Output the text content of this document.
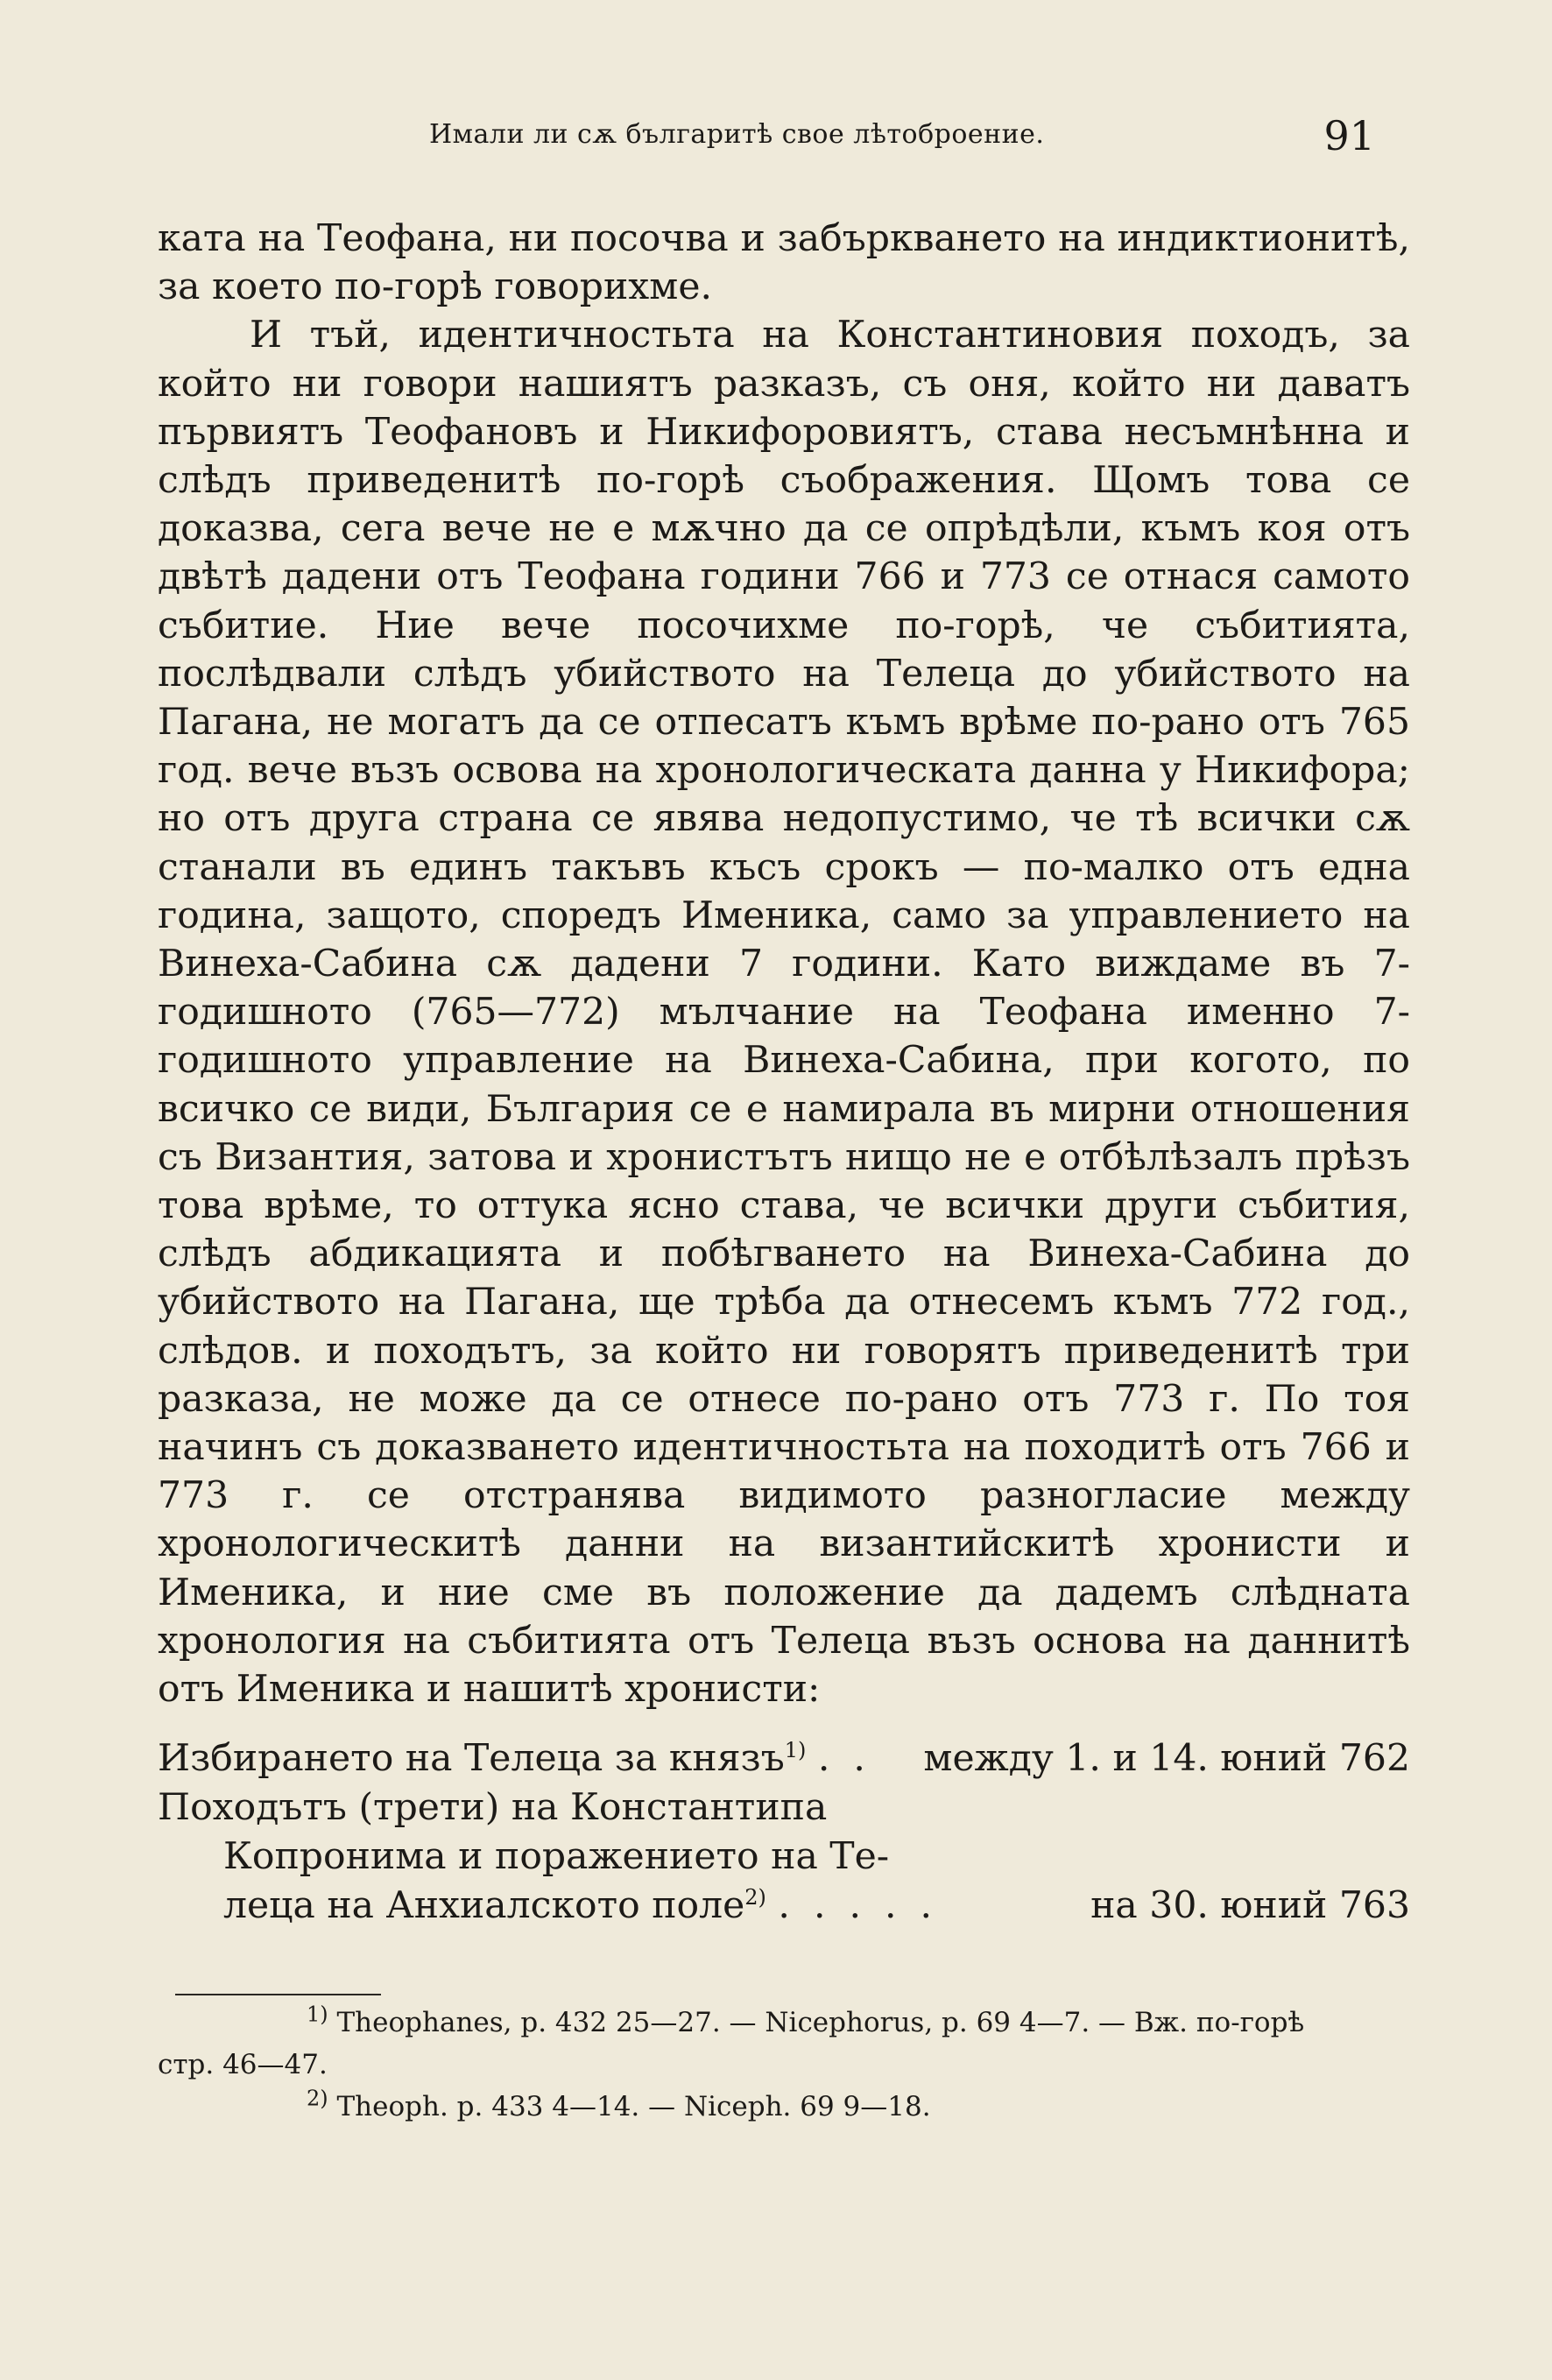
Имали ли сѫ българитѣ свое лѣтоброение.	91

ката на Теофана, ни посочва и забъркването на индиктионитѣ, за което по-горѣ говорихме.

И тъй, идентичностьта на Константиновия походъ, за който ни говори нашиятъ разказъ, съ оня, който ни даватъ първиятъ Теофановъ и Никифоровиятъ, става несъмнѣнна и слѣдъ приведенитѣ по-горѣ съображения. Щомъ това се доказва, сега вече не е мѫчно да се опрѣдѣли, къмъ коя отъ двѣтѣ дадени отъ Теофана години 766 и 773 се отнася самото събитие. Ние вече посочихме по-горѣ, че събитията, послѣдвали слѣдъ убийството на Телеца до убийството на Пагана, не могатъ да се отпесатъ къмъ врѣме по-рано отъ 765 год. вече възъ освова на хронологическата данна у Никифора; но отъ друга страна се явява недопустимо, че тѣ всички сѫ станали въ единъ такъвъ късъ срокъ — по-малко отъ една година, защото, споредъ Именика, само за управлението на Винеха-Сабина сѫ дадени 7 години. Като виждаме въ 7-годишното (765—772) мълчание на Теофана именно 7-годишното управление на Винеха-Сабина, при когото, по всичко се види, България се е намирала въ мирни отношения съ Византия, затова и хронистътъ нищо не е отбѣлѣзалъ прѣзъ това врѣме, то оттука ясно става, че всички други събития, слѣдъ абдикацията и побѣгването на Винеха-Сабина до убийството на Пагана, ще трѣба да отнесемъ къмъ 772 год., слѣдов. и походътъ, за който ни говорятъ приведенитѣ три разказа, не може да се отнесе по-рано отъ 773 г. По тоя начинъ съ доказването идентичностьта на походитѣ отъ 766 и 773 г. се отстранява видимото разногласие между хронологическитѣ данни на византийскитѣ хронисти и Именика, и ние сме въ положение да дадемъ слѣдната хронология на събитията отъ Телеца възъ основа на даннитѣ отъ Именика и нашитѣ хронисти:

Избирането на Телеца за князъ$^{1)}$ .  . между 1. и 14. юний 762
Походътъ (трети) на Константипа
Копронима и поражението на Те-
леца на Анхиалското поле$^{2)}$ .  .  .  .  .	на 30. юний 763
$^{1)}$ Theophanes, p. 432 25—27. — Nicephorus, p. 69 4—7. — Вж. по-горѣ
стр. 46—47.
$^{2)}$ Theoph. p. 433 4—14. — Niceph. 69 9—18.
